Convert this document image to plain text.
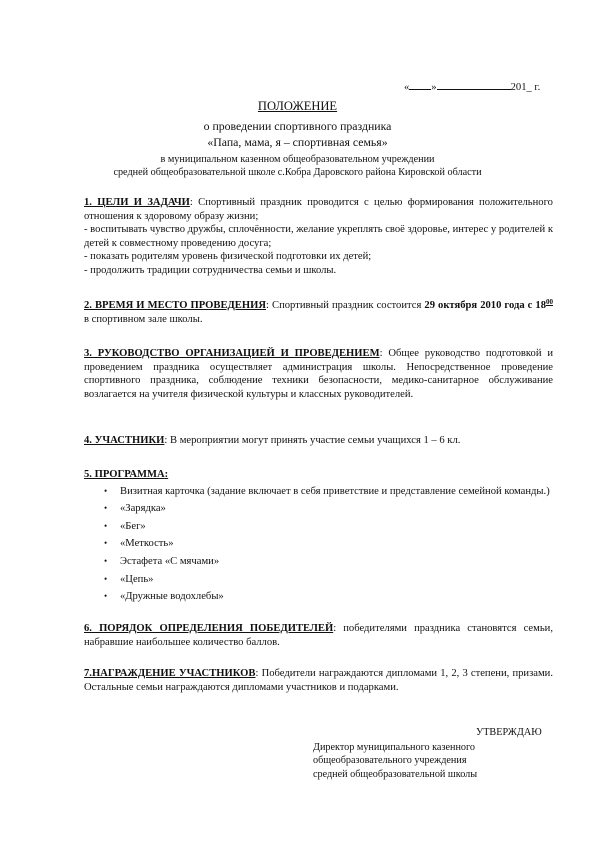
« »	201_ г.
ПОЛОЖЕНИЕ
о проведении спортивного праздника
«Папа, мама, я – спортивная семья»
в муниципальном казенном общеобразовательном учреждении
средней общеобразовательной школе с.Кобра Даровского района Кировской области

1. ЦЕЛИ И ЗАДАЧИ: Спортивный праздник проводится с целью формирования положительного отношения к здоровому образу жизни;

- воспитывать чувство дружбы, сплочённости, желание укреплять своё здоровье, интерес у родителей к детей к совместному проведению досуга;

- показать родителям уровень физической подготовки их детей;

- продолжить традиции сотрудничества семьи и школы.

2. ВРЕМЯ И МЕСТО ПРОВЕДЕНИЯ: Спортивный праздник состоится 29 октября 2010 года с $18^{00}$ в спортивном зале школы.

3. РУКОВОДСТВО ОРГАНИЗАЦИЕЙ И ПРОВЕДЕНИЕМ: Общее руководство подготовкой и проведением праздника осуществляет администрация школы. Непосредственное проведение спортивного праздника, соблюдение техники безопасности, медико-санитарное обслуживание возлагается на учителя физической культуры и классных руководителей.

4. УЧАСТНИКИ: В мероприятии могут принять участие семьи учащихся 1 – 6 кл.

5. ПРОГРАММА:

• Визитная карточка (задание включает в себя приветствие и представление семейной команды.)
• «Зарядка»
• «Бег»
• «Меткость»
• Эстафета «С мячами»
• «Цепь»
• «Дружные водохлебы»

6. ПОРЯДОК ОПРЕДЕЛЕНИЯ ПОБЕДИТЕЛЕЙ: победителями праздника становятся семьи, набравшие наибольшее количество баллов.

7.НАГРАЖДЕНИЕ УЧАСТНИКОВ: Победители награждаются дипломами 1, 2, 3 степени, призами. Остальные семьи награждаются дипломами участников и подарками.

УТВЕРЖДАЮ

Директор муниципального казенного

общеобразовательного учреждения

средней общеобразовательной школы
